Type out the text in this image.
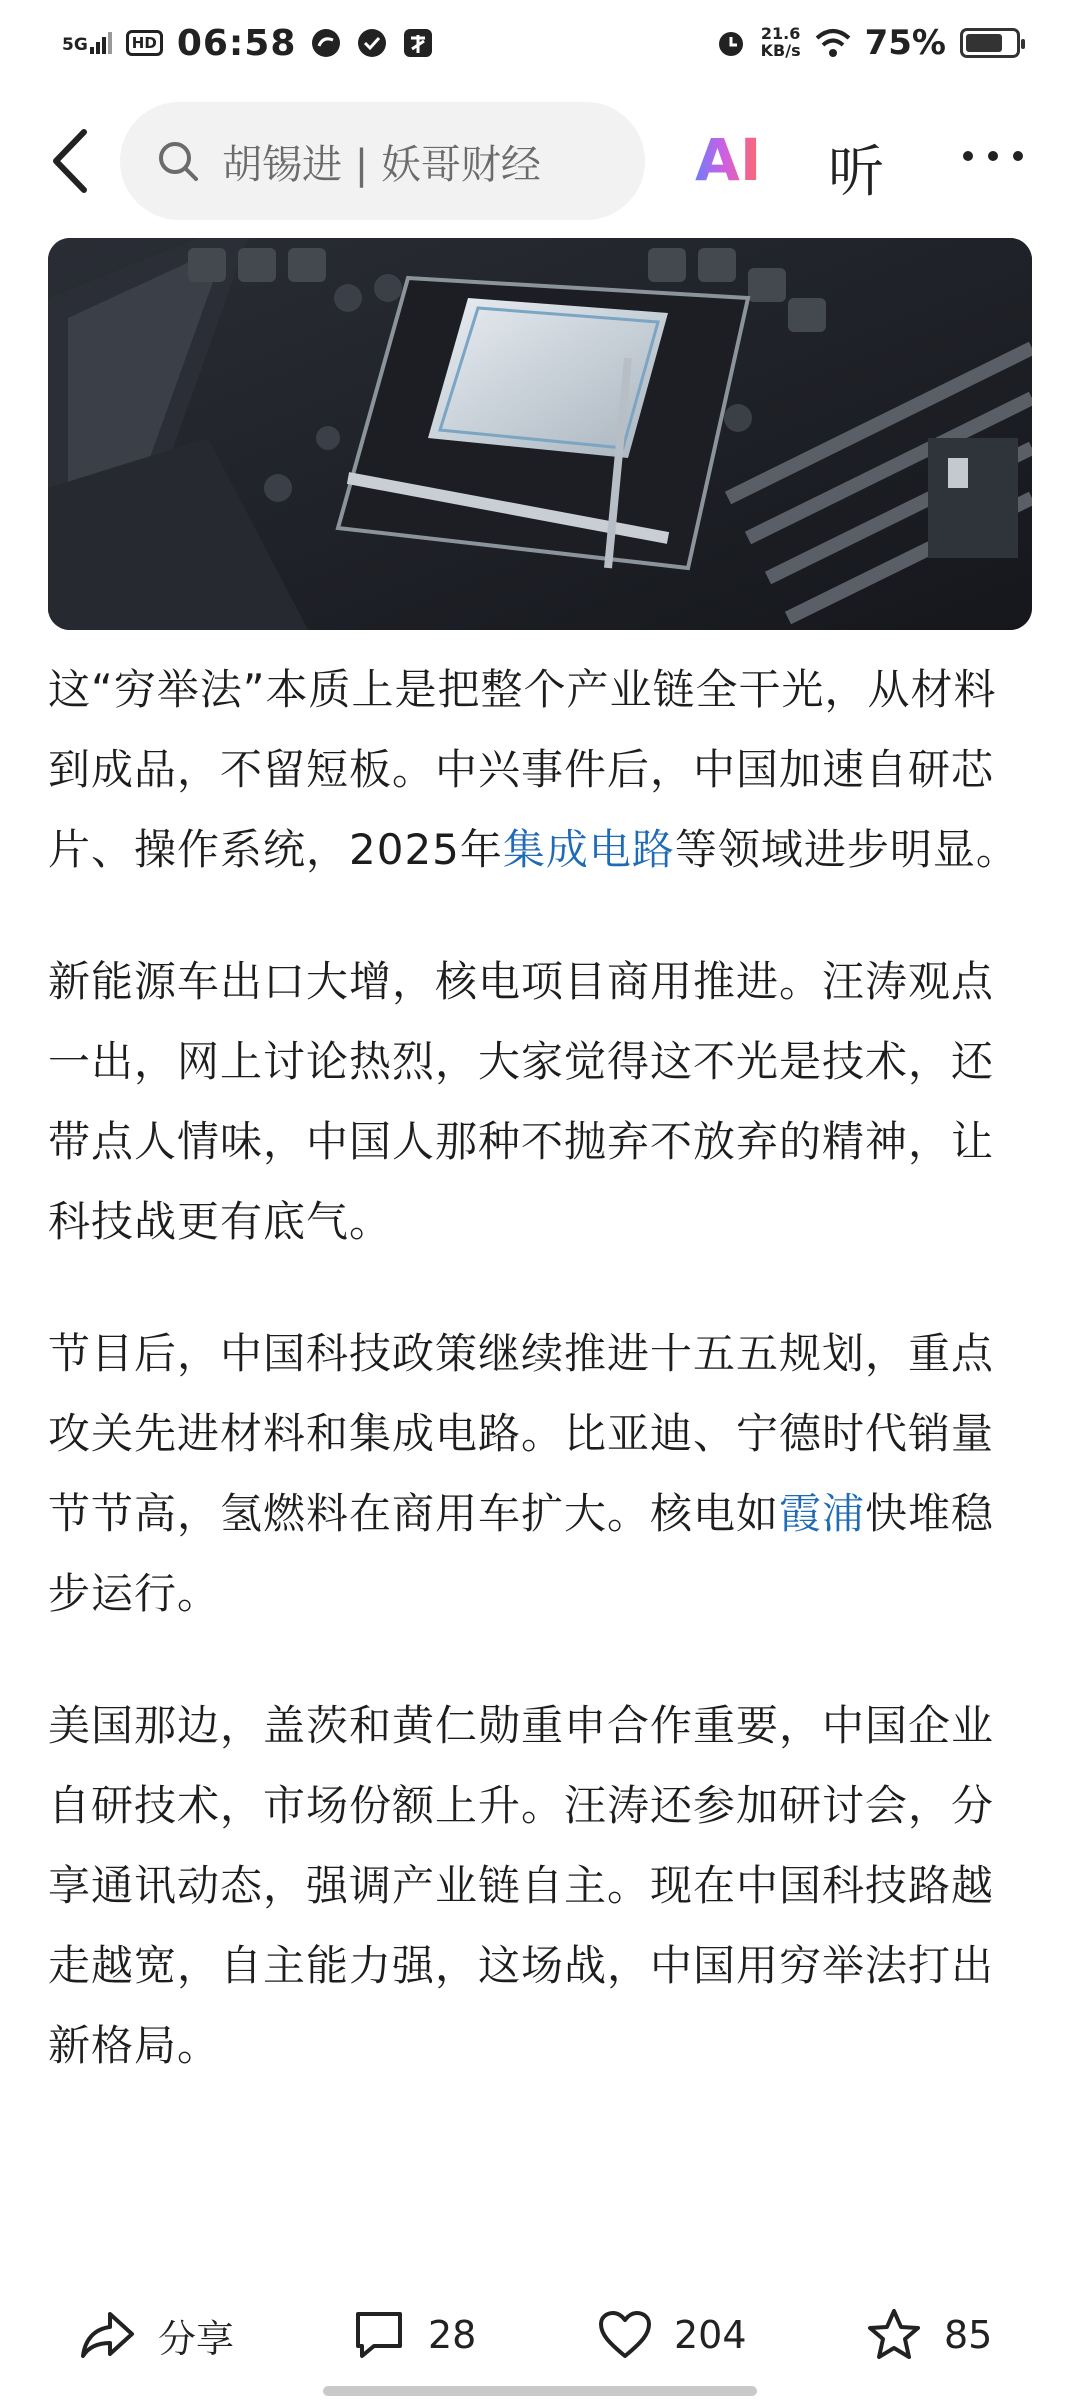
5G	HD 06:58	21.6
KB/s 75%
胡锡进 | 妖哥财经	AI 听

这“穷举法”本质上是把整个产业链全干光，从材料到成品，不留短板。中兴事件后，中国加速自研芯片、操作系统，2025年集成电路等领域进步明显。

新能源车出口大增，核电项目商用推进。汪涛观点一出，网上讨论热烈，大家觉得这不光是技术，还带点人情味，中国人那种不抛弃不放弃的精神，让科技战更有底气。

节目后，中国科技政策继续推进十五五规划，重点攻关先进材料和集成电路。比亚迪、宁德时代销量节节高，氢燃料在商用车扩大。核电如霞浦快堆稳步运行。

美国那边，盖茨和黄仁勋重申合作重要，中国企业自研技术，市场份额上升。汪涛还参加研讨会，分享通讯动态，强调产业链自主。现在中国科技路越走越宽，自主能力强，这场战，中国用穷举法打出新格局。

分享	28	204	85
